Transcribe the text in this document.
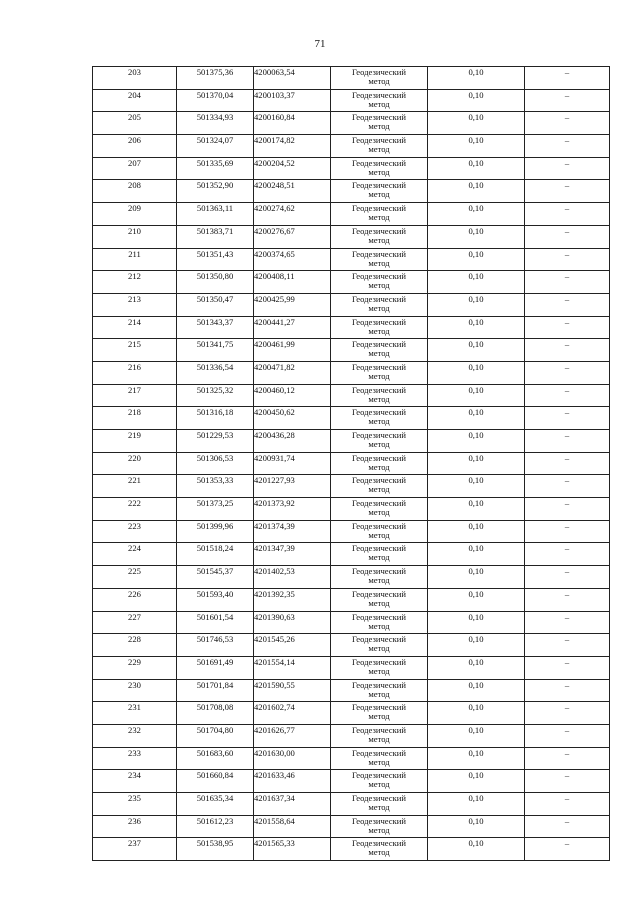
71
203	501375,36	4200063,54	Геодезический
метод	0,10	–

204	501370,04	4200103,37	Геодезический
метод	0,10	–

205	501334,93	4200160,84	Геодезический
метод	0,10	–

206	501324,07	4200174,82	Геодезический
метод	0,10	–

207	501335,69	4200204,52	Геодезический
метод	0,10	–

208	501352,90	4200248,51	Геодезический
метод	0,10	–

209	501363,11	4200274,62	Геодезический
метод	0,10	–

210	501383,71	4200276,67	Геодезический
метод	0,10	–

211	501351,43	4200374,65	Геодезический
метод	0,10	–

212	501350,80	4200408,11	Геодезический
метод	0,10	–

213	501350,47	4200425,99	Геодезический
метод	0,10	–

214	501343,37	4200441,27	Геодезический
метод	0,10	–

215	501341,75	4200461,99	Геодезический
метод	0,10	–

216	501336,54	4200471,82	Геодезический
метод	0,10	–

217	501325,32	4200460,12	Геодезический
метод	0,10	–

218	501316,18	4200450,62	Геодезический
метод	0,10	–

219	501229,53	4200436,28	Геодезический
метод	0,10	–

220	501306,53	4200931,74	Геодезический
метод	0,10	–

221	501353,33	4201227,93	Геодезический
метод	0,10	–

222	501373,25	4201373,92	Геодезический
метод	0,10	–

223	501399,96	4201374,39	Геодезический
метод	0,10	–

224	501518,24	4201347,39	Геодезический
метод	0,10	–

225	501545,37	4201402,53	Геодезический
метод	0,10	–

226	501593,40	4201392,35	Геодезический
метод	0,10	–

227	501601,54	4201390,63	Геодезический
метод	0,10	–

228	501746,53	4201545,26	Геодезический
метод	0,10	–

229	501691,49	4201554,14	Геодезический
метод	0,10	–

230	501701,84	4201590,55	Геодезический
метод	0,10	–

231	501708,08	4201602,74	Геодезический
метод	0,10	–

232	501704,80	4201626,77	Геодезический
метод	0,10	–

233	501683,60	4201630,00	Геодезический
метод	0,10	–

234	501660,84	4201633,46	Геодезический
метод	0,10	–

235	501635,34	4201637,34	Геодезический
метод	0,10	–

236	501612,23	4201558,64	Геодезический
метод	0,10	–

237	501538,95	4201565,33	Геодезический
метод	0,10	–
